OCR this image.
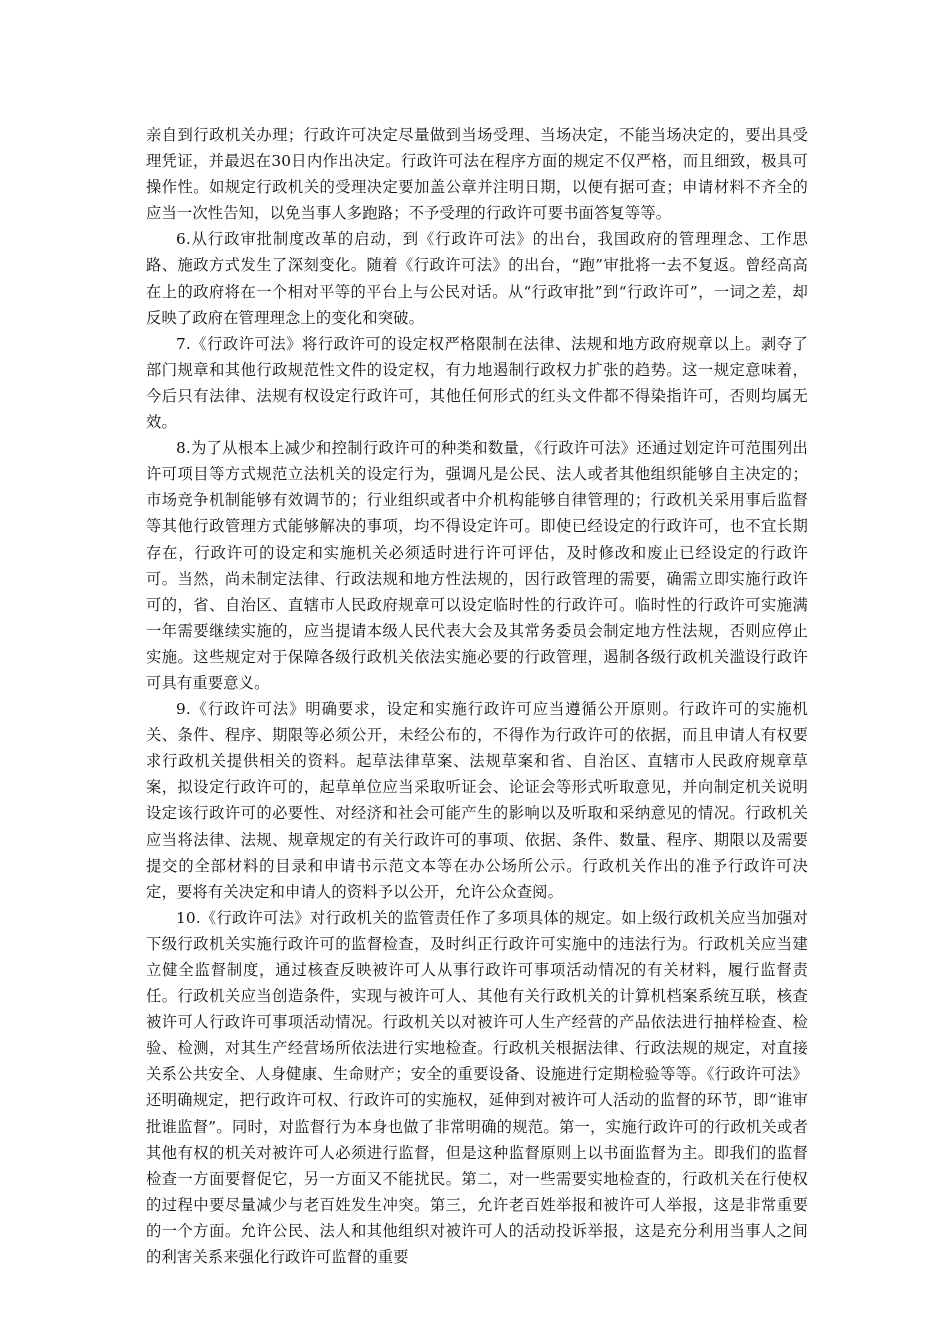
亲自到行政机关办理；行政许可决定尽量做到当场受理、当场决定，不能当场决定的，要出具受理凭证，并最迟在30日内作出决定。行政许可法在程序方面的规定不仅严格，而且细致，极具可操作性。如规定行政机关的受理决定要加盖公章并注明日期，以便有据可查；申请材料不齐全的应当一次性告知，以免当事人多跑路；不予受理的行政许可要书面答复等等。

6.从行政审批制度改革的启动，到《行政许可法》的出台，我国政府的管理理念、工作思路、施政方式发生了深刻变化。随着《行政许可法》的出台，“跑”审批将一去不复返。曾经高高在上的政府将在一个相对平等的平台上与公民对话。从“行政审批”到“行政许可”，一词之差，却反映了政府在管理理念上的变化和突破。

7.《行政许可法》将行政许可的设定权严格限制在法律、法规和地方政府规章以上。剥夺了部门规章和其他行政规范性文件的设定权，有力地遏制行政权力扩张的趋势。这一规定意味着，今后只有法律、法规有权设定行政许可，其他任何形式的红头文件都不得染指许可，否则均属无效。

8.为了从根本上减少和控制行政许可的种类和数量，《行政许可法》还通过划定许可范围列出许可项目等方式规范立法机关的设定行为，强调凡是公民、法人或者其他组织能够自主决定的；市场竞争机制能够有效调节的；行业组织或者中介机构能够自律管理的；行政机关采用事后监督等其他行政管理方式能够解决的事项，均不得设定许可。即使已经设定的行政许可，也不宜长期存在，行政许可的设定和实施机关必须适时进行许可评估，及时修改和废止已经设定的行政许可。当然，尚未制定法律、行政法规和地方性法规的，因行政管理的需要，确需立即实施行政许可的，省、自治区、直辖市人民政府规章可以设定临时性的行政许可。临时性的行政许可实施满一年需要继续实施的，应当提请本级人民代表大会及其常务委员会制定地方性法规，否则应停止实施。这些规定对于保障各级行政机关依法实施必要的行政管理，遏制各级行政机关滥设行政许可具有重要意义。

9.《行政许可法》明确要求，设定和实施行政许可应当遵循公开原则。行政许可的实施机关、条件、程序、期限等必须公开，未经公布的，不得作为行政许可的依据，而且申请人有权要求行政机关提供相关的资料。起草法律草案、法规草案和省、自治区、直辖市人民政府规章草案，拟设定行政许可的，起草单位应当采取听证会、论证会等形式听取意见，并向制定机关说明设定该行政许可的必要性、对经济和社会可能产生的影响以及听取和采纳意见的情况。行政机关应当将法律、法规、规章规定的有关行政许可的事项、依据、条件、数量、程序、期限以及需要提交的全部材料的目录和申请书示范文本等在办公场所公示。行政机关作出的准予行政许可决定，要将有关决定和申请人的资料予以公开，允许公众查阅。

10.《行政许可法》对行政机关的监管责任作了多项具体的规定。如上级行政机关应当加强对下级行政机关实施行政许可的监督检查，及时纠正行政许可实施中的违法行为。行政机关应当建立健全监督制度，通过核查反映被许可人从事行政许可事项活动情况的有关材料，履行监督责任。行政机关应当创造条件，实现与被许可人、其他有关行政机关的计算机档案系统互联，核查被许可人行政许可事项活动情况。行政机关以对被许可人生产经营的产品依法进行抽样检查、检验、检测，对其生产经营场所依法进行实地检查。行政机关根据法律、行政法规的规定，对直接关系公共安全、人身健康、生命财产；安全的重要设备、设施进行定期检验等等。《行政许可法》还明确规定，把行政许可权、行政许可的实施权，延伸到对被许可人活动的监督的环节，即“谁审批谁监督”。同时，对监督行为本身也做了非常明确的规范。第一，实施行政许可的行政机关或者其他有权的机关对被许可人必须进行监督，但是这种监督原则上以书面监督为主。即我们的监督检查一方面要督促它，另一方面又不能扰民。第二，对一些需要实地检查的，行政机关在行使权的过程中要尽量减少与老百姓发生冲突。第三，允许老百姓举报和被许可人举报，这是非常重要的一个方面。允许公民、法人和其他组织对被许可人的活动投诉举报，这是充分利用当事人之间的利害关系来强化行政许可监督的重要
